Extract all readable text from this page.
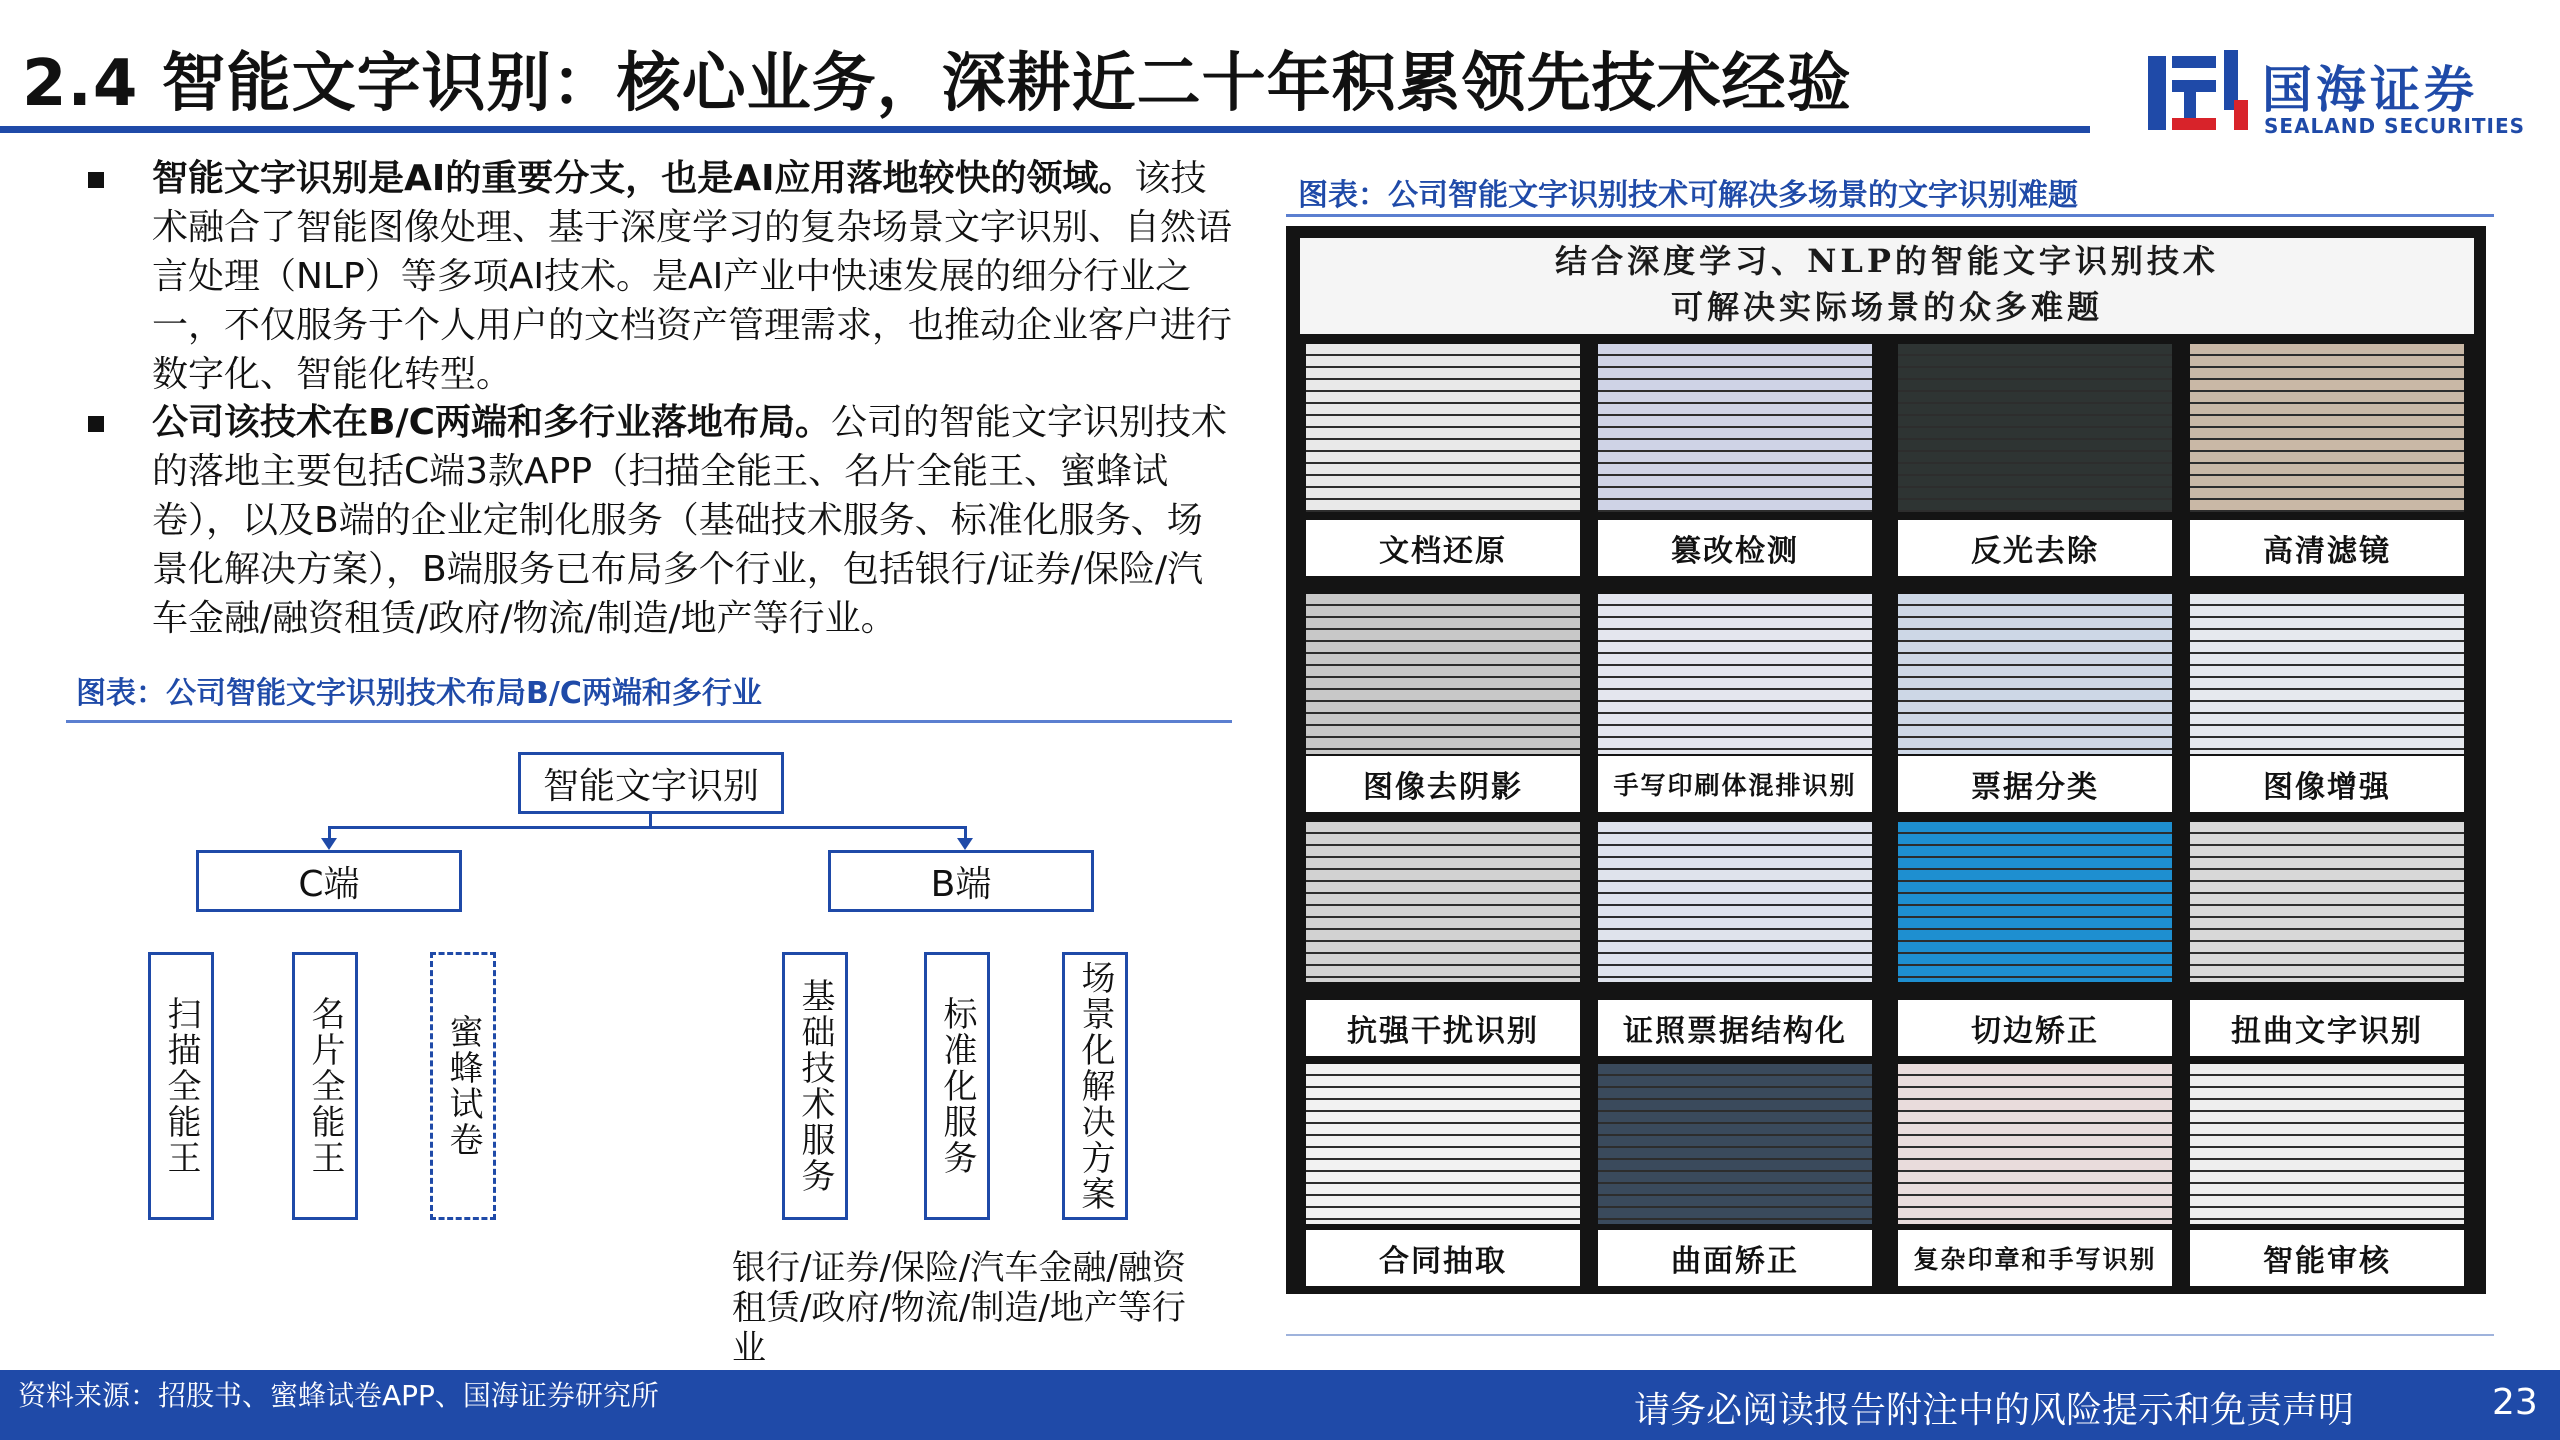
2.4 智能文字识别：核心业务，深耕近二十年积累领先技术经验	国海证券
SEALAND SECURITIES
智能文字识别是AI的重要分支，也是AI应用落地较快的领域。该技术融合了智能图像处理、基于深度学习的复杂场景文字识别、自然语言处理（NLP）等多项AI技术。是AI产业中快速发展的细分行业之一，不仅服务于个人用户的文档资产管理需求，也推动企业客户进行数字化、智能化转型。
公司该技术在B/C两端和多行业落地布局。公司的智能文字识别技术的落地主要包括C端3款APP（扫描全能王、名片全能王、蜜蜂试卷），以及B端的企业定制化服务（基础技术服务、标准化服务、场景化解决方案），B端服务已布局多个行业，包括银行/证券/保险/汽车金融/融资租赁/政府/物流/制造/地产等行业。
图表：公司智能文字识别技术布局B/C两端和多行业
智能文字识别
C端	B端
扫描全能王	名片全能王	蜜蜂试卷	基础技术服务	标准化服务	场景化解决方案
银行/证券/保险/汽车金融/融资租赁/政府/物流/制造/地产等行业
图表：公司智能文字识别技术可解决多场景的文字识别难题
结合深度学习、NLP的智能文字识别技术
可解决实际场景的众多难题
文档还原	篡改检测	反光去除	高清滤镜
图像去阴影	手写印刷体混排识别	票据分类	图像增强
抗强干扰识别	证照票据结构化	切边矫正	扭曲文字识别
合同抽取	曲面矫正	复杂印章和手写识别	智能审核
资料来源：招股书、蜜蜂试卷APP、国海证券研究所	请务必阅读报告附注中的风险提示和免责声明	23
